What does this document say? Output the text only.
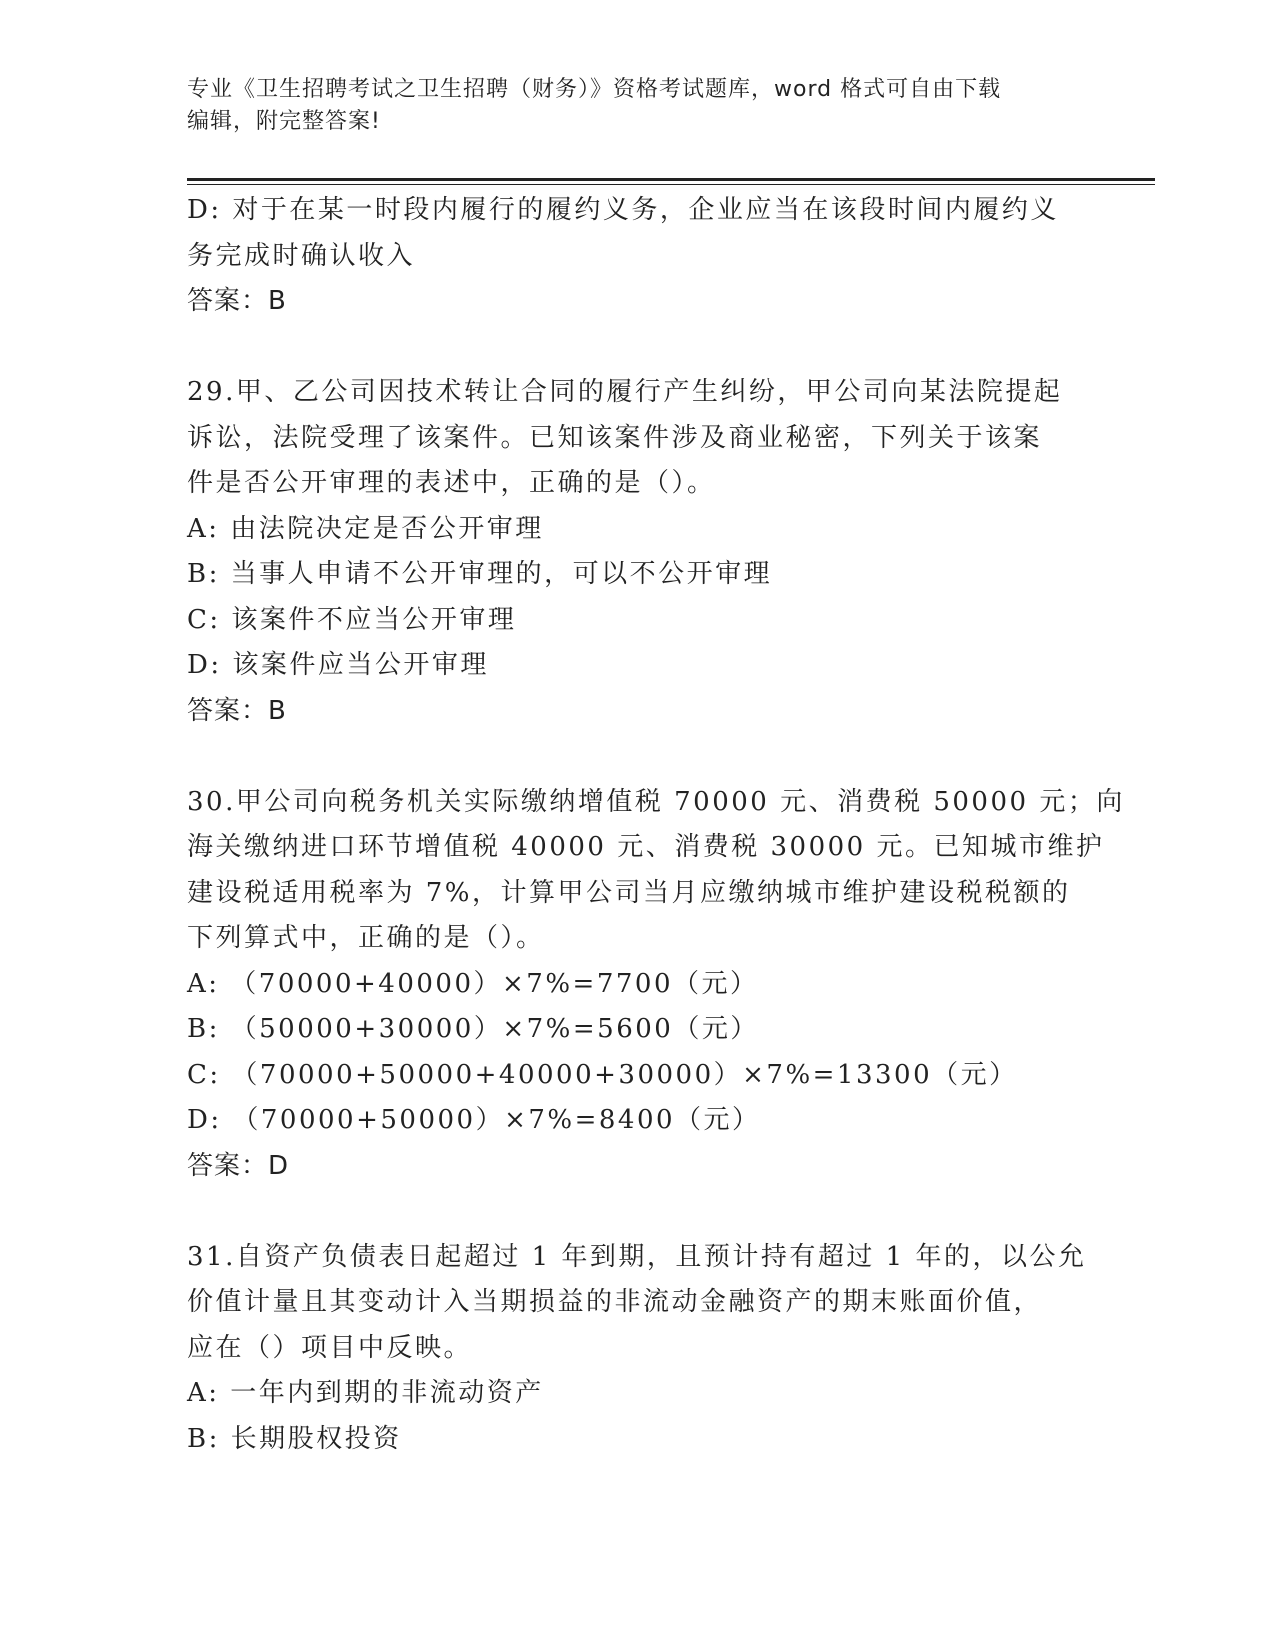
专业《卫生招聘考试之卫生招聘（财务）》资格考试题库，word 格式可自由下载
编辑，附完整答案!
D: 对于在某一时段内履行的履约义务，企业应当在该段时间内履约义
务完成时确认收入
答案：B
29.甲、乙公司因技术转让合同的履行产生纠纷，甲公司向某法院提起
诉讼，法院受理了该案件。已知该案件涉及商业秘密，下列关于该案
件是否公开审理的表述中，正确的是（）。
A: 由法院决定是否公开审理
B: 当事人申请不公开审理的，可以不公开审理
C: 该案件不应当公开审理
D: 该案件应当公开审理
答案：B
30.甲公司向税务机关实际缴纳增值税 70000 元、消费税 50000 元；向
海关缴纳进口环节增值税 40000 元、消费税 30000 元。已知城市维护
建设税适用税率为 7%，计算甲公司当月应缴纳城市维护建设税税额的
下列算式中，正确的是（）。
A: （70000+40000）×7%=7700（元）
B: （50000+30000）×7%=5600（元）
C: （70000+50000+40000+30000）×7%=13300（元）
D: （70000+50000）×7%=8400（元）
答案：D
31.自资产负债表日起超过 1 年到期，且预计持有超过 1 年的，以公允
价值计量且其变动计入当期损益的非流动金融资产的期末账面价值，
应在（）项目中反映。
A: 一年内到期的非流动资产
B: 长期股权投资
